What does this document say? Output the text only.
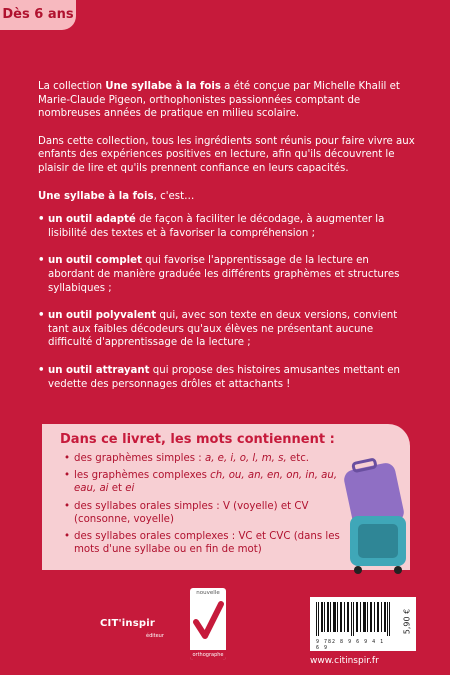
Dès 6 ans

La collection Une syllabe à la fois a été conçue par Michelle Khalil et Marie-Claude Pigeon, orthophonistes passionnées comptant de nombreuses années de pratique en milieu scolaire.

Dans cette collection, tous les ingrédients sont réunis pour faire vivre aux enfants des expériences positives en lecture, afin qu'ils découvrent le plaisir de lire et qu'ils prennent confiance en leurs capacités.

Une syllabe à la fois, c'est…

• un outil adapté de façon à faciliter le décodage, à augmenter la lisibilité des textes et à favoriser la compréhension ;
• un outil complet qui favorise l'apprentissage de la lecture en abordant de manière graduée les différents graphèmes et structures syllabiques ;
• un outil polyvalent qui, avec son texte en deux versions, convient tant aux faibles décodeurs qu'aux élèves ne présentant aucune difficulté d'apprentissage de la lecture ;
• un outil attrayant qui propose des histoires amusantes mettant en vedette des personnages drôles et attachants !
Dans ce livret, les mots contiennent :
• des graphèmes simples : a, e, i, o, l, m, s, etc.
• les graphèmes complexes ch, ou, an, en, on, in, au, eau, ai et ei
• des syllabes orales simples : V (voyelle) et CV (consonne, voyelle)
• des syllabes orales complexes : VC et CVC (dans les mots d'une syllabe ou en fin de mot)
CIT'inspir
éditeur
nouvelle
orthographe
9 782 8 9 6 9 4 1 6 9
5,90 €
www.citinspir.fr
